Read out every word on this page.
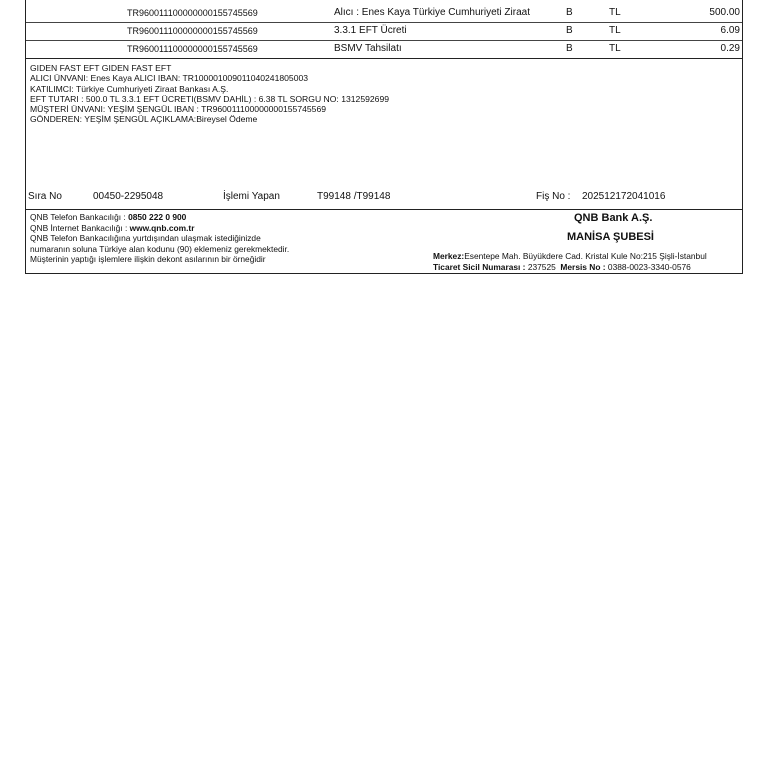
TR960011100000000155745569	Alıcı : Enes Kaya Türkiye Cumhuriyeti Ziraat	B	TL	500.00
TR960011100000000155745569	3.3.1 EFT Ücreti	B	TL	6.09
TR960011100000000155745569	BSMV Tahsilatı	B	TL	0.29
GIDEN FAST EFT GIDEN FAST EFT
ALICI ÜNVANI: Enes Kaya ALICI IBAN: TR100001009011040241805003
KATILIMCI: Türkiye Cumhuriyeti Ziraat Bankası A.Ş.
EFT TUTARI : 500.0 TL 3.3.1 EFT ÜCRETI(BSMV DAHİL) : 6.38 TL SORGU NO: 1312592699
MÜŞTERİ ÜNVANI: YEŞİM ŞENGÜL IBAN : TR960011100000000155745569
GÖNDEREN: YEŞİM ŞENGÜL AÇIKLAMA:Bireysel Ödeme
Sıra No	00450-2295048	İşlemi Yapan	T99148 /T99148	Fiş No : 202512172041016
QNB Telefon Bankacılığı : 0850 222 0 900
QNB İnternet Bankacılığı : www.qnb.com.tr
QNB Telefon Bankacılığına yurtdışından ulaşmak istediğinizde
numaranın soluna Türkiye alan kodunu (90) eklemeniz gerekmektedir.
Müşterinin yaptığı işlemlere ilişkin dekont asılarının bir örneğidir
QNB Bank A.Ş.
MANİSA ŞUBESİ
Merkez:Esentepe Mah. Büyükdere Cad. Kristal Kule No:215 Şişli-İstanbul
Ticaret Sicil Numarası : 237525 Mersis No : 0388-0023-3340-0576
